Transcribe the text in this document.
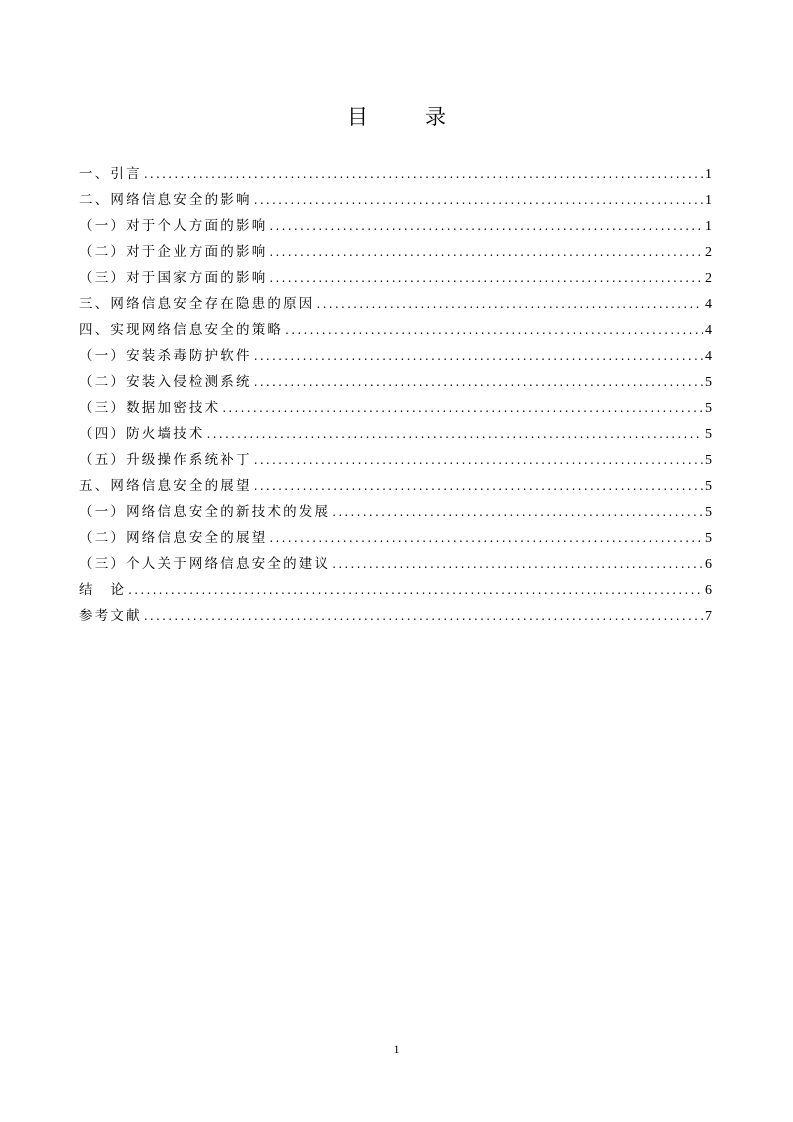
目　录
一、引言 .....	1
二、网络信息安全的影响 .....	1
（一）对于个人方面的影响 .....	1
（二）对于企业方面的影响 .....	2
（三）对于国家方面的影响 .....	2
三、网络信息安全存在隐患的原因 .....	4
四、实现网络信息安全的策略 .....	4
（一）安装杀毒防护软件 .....	4
（二）安装入侵检测系统 .....	5
（三）数据加密技术 .....	5
（四）防火墙技术 .....	5
（五）升级操作系统补丁 .....	5
五、网络信息安全的展望 .....	5
（一）网络信息安全的新技术的发展 .....	5
（二）网络信息安全的展望 .....	5
（三）个人关于网络信息安全的建议 .....	6
结　论 .....	6
参考文献 .....	7
1
